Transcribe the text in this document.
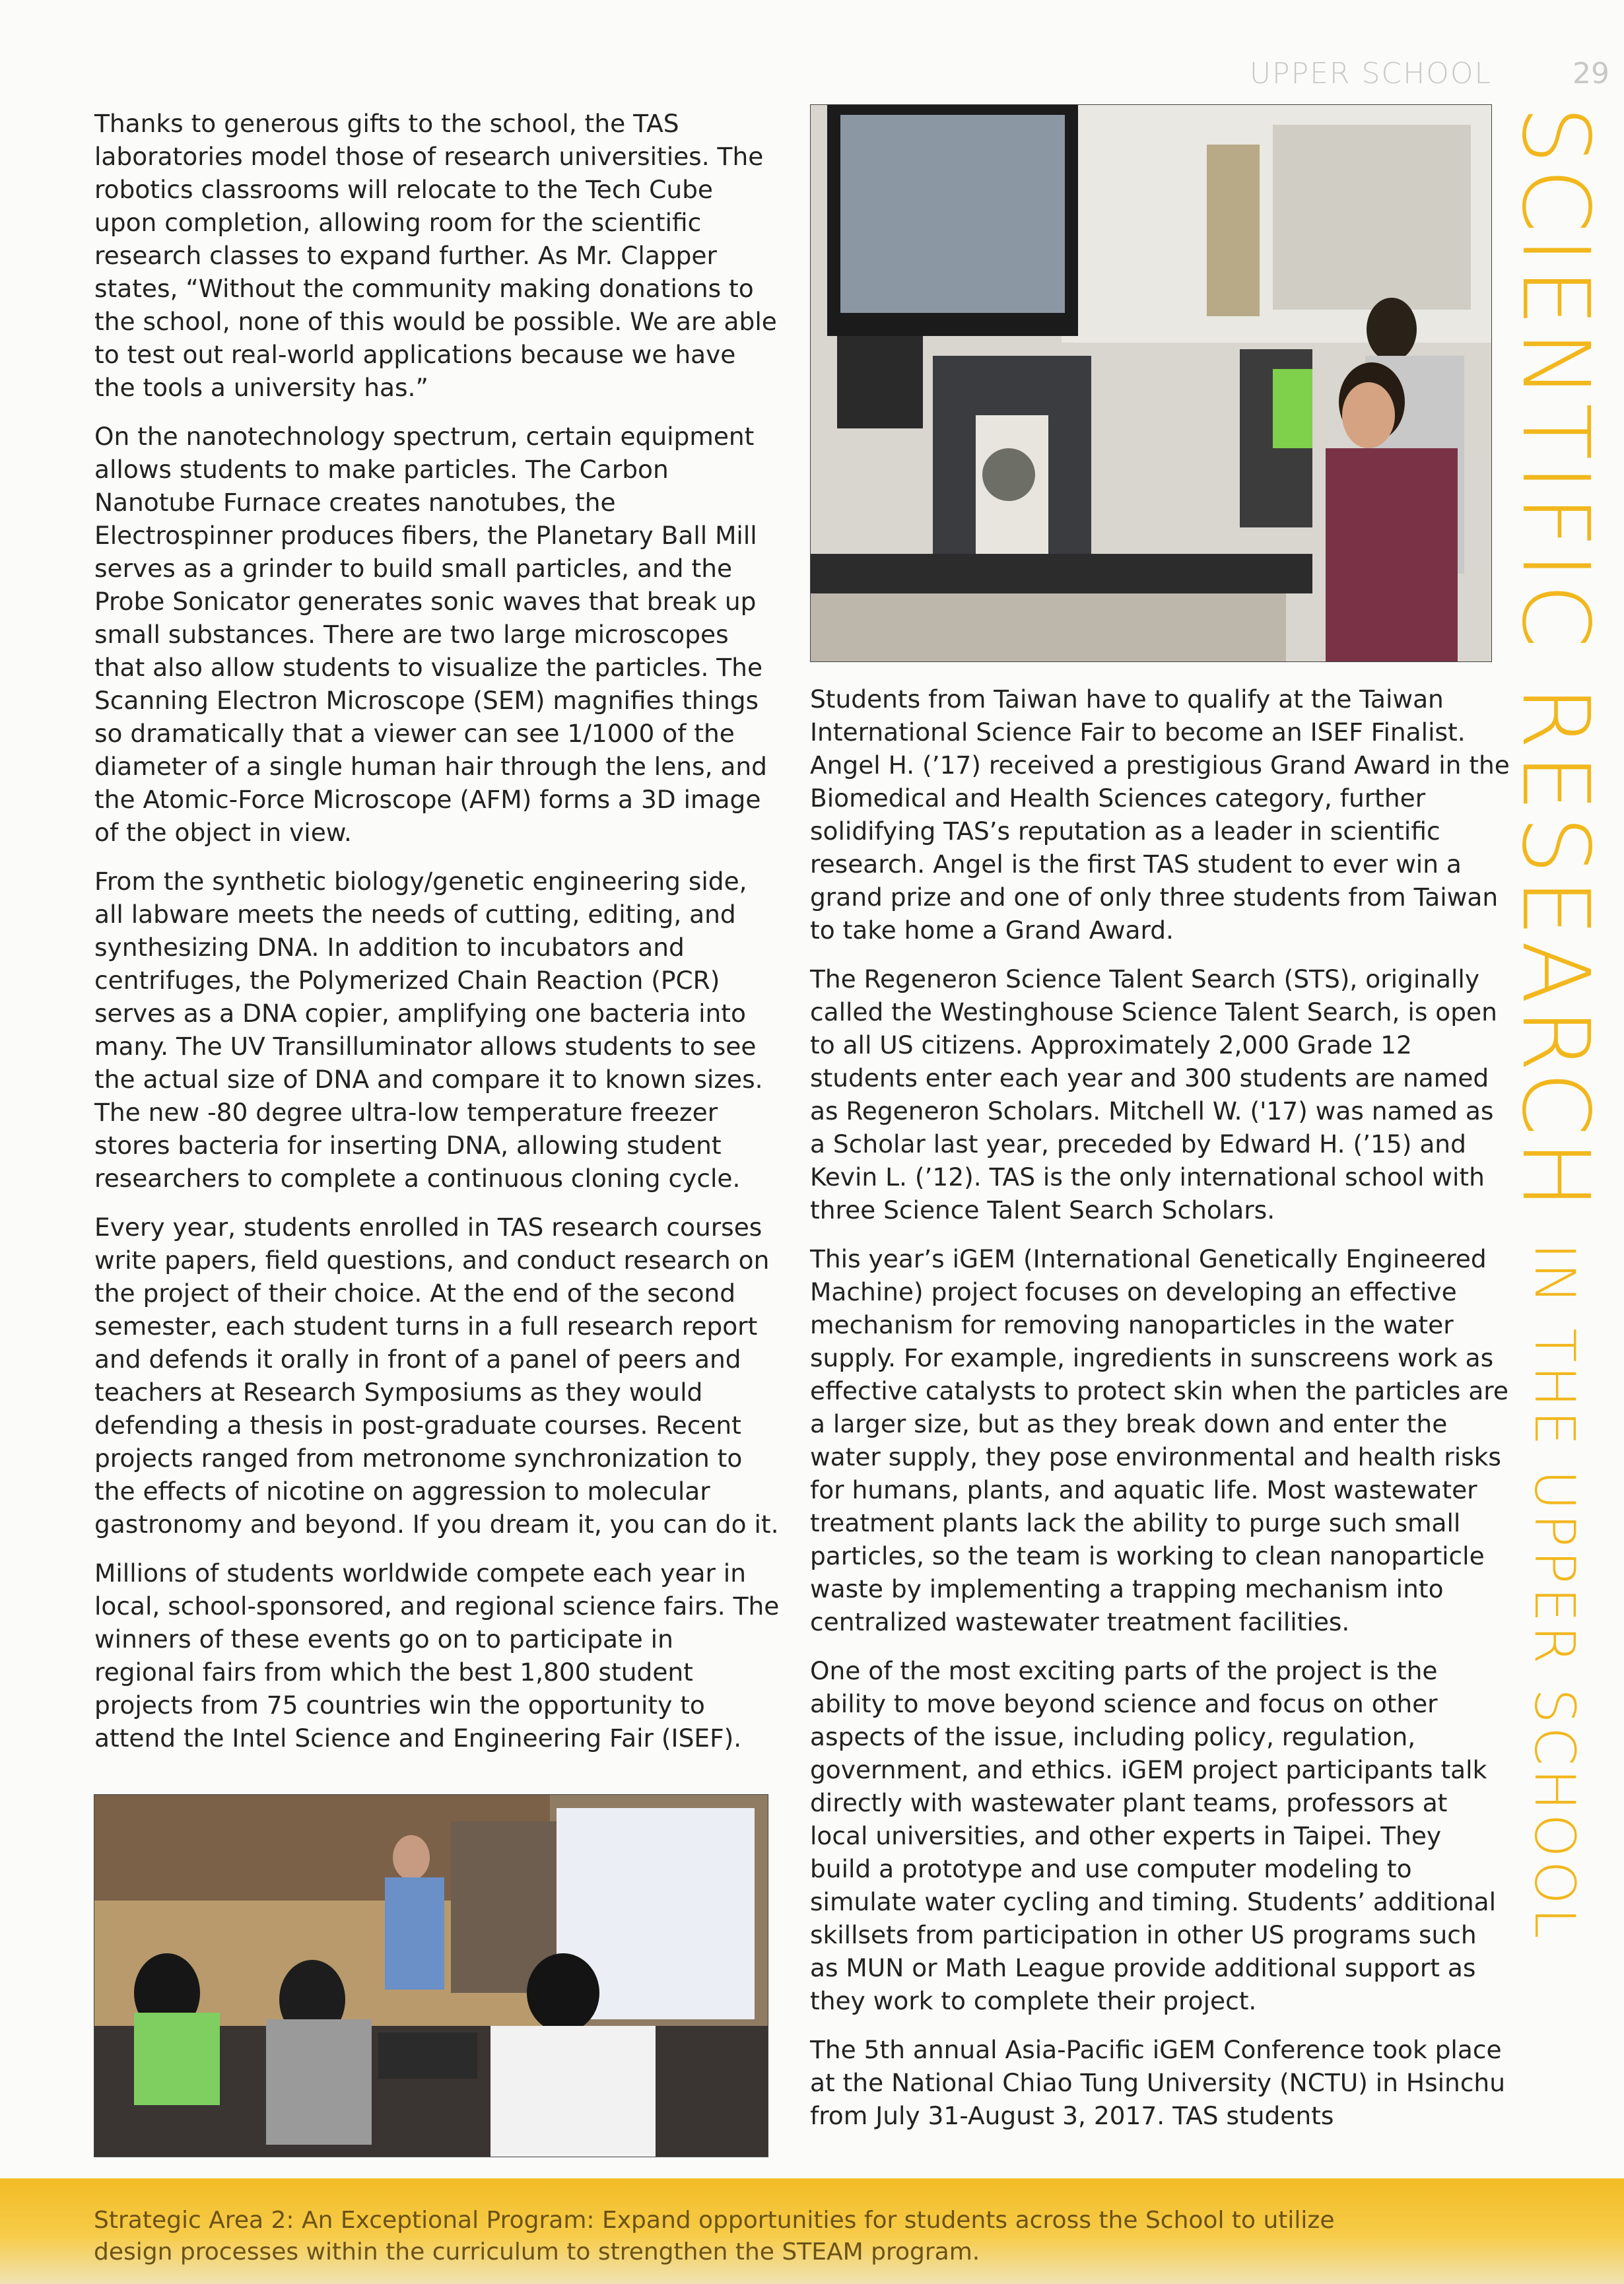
UPPER SCHOOL	29

Thanks to generous gifts to the school, the TAS laboratories model those of research universities. The robotics classrooms will relocate to the Tech Cube upon completion, allowing room for the scientific research classes to expand further. As Mr. Clapper states, “Without the community making donations to the school, none of this would be possible. We are able to test out real-world applications because we have the tools a university has.”

On the nanotechnology spectrum, certain equipment allows students to make particles. The Carbon Nanotube Furnace creates nanotubes, the Electrospinner produces fibers, the Planetary Ball Mill serves as a grinder to build small particles, and the Probe Sonicator generates sonic waves that break up small substances. There are two large microscopes that also allow students to visualize the particles. The Scanning Electron Microscope (SEM) magnifies things so dramatically that a viewer can see 1/1000 of the diameter of a single human hair through the lens, and the Atomic-Force Microscope (AFM) forms a 3D image of the object in view.

From the synthetic biology/genetic engineering side, all labware meets the needs of cutting, editing, and synthesizing DNA. In addition to incubators and centrifuges, the Polymerized Chain Reaction (PCR) serves as a DNA copier, amplifying one bacteria into many. The UV Transilluminator allows students to see the actual size of DNA and compare it to known sizes. The new -80 degree ultra-low temperature freezer stores bacteria for inserting DNA, allowing student researchers to complete a continuous cloning cycle.

Every year, students enrolled in TAS research courses write papers, field questions, and conduct research on the project of their choice. At the end of the second semester, each student turns in a full research report and defends it orally in front of a panel of peers and teachers at Research Symposiums as they would defending a thesis in post-graduate courses. Recent projects ranged from metronome synchronization to the effects of nicotine on aggression to molecular gastronomy and beyond. If you dream it, you can do it.

Millions of students worldwide compete each year in local, school-sponsored, and regional science fairs. The winners of these events go on to participate in regional fairs from which the best 1,800 student projects from 75 countries win the opportunity to attend the Intel Science and Engineering Fair (ISEF).

Students from Taiwan have to qualify at the Taiwan International Science Fair to become an ISEF Finalist. Angel H. (’17) received a prestigious Grand Award in the Biomedical and Health Sciences category, further solidifying TAS’s reputation as a leader in scientific research. Angel is the first TAS student to ever win a grand prize and one of only three students from Taiwan to take home a Grand Award.

The Regeneron Science Talent Search (STS), originally called the Westinghouse Science Talent Search, is open to all US citizens. Approximately 2,000 Grade 12 students enter each year and 300 students are named as Regeneron Scholars. Mitchell W. ('17) was named as a Scholar last year, preceded by Edward H. (’15) and Kevin L. (’12). TAS is the only international school with three Science Talent Search Scholars.

This year’s iGEM (International Genetically Engineered Machine) project focuses on developing an effective mechanism for removing nanoparticles in the water supply. For example, ingredients in sunscreens work as effective catalysts to protect skin when the particles are a larger size, but as they break down and enter the water supply, they pose environmental and health risks for humans, plants, and aquatic life. Most wastewater treatment plants lack the ability to purge such small particles, so the team is working to clean nanoparticle waste by implementing a trapping mechanism into centralized wastewater treatment facilities.

One of the most exciting parts of the project is the ability to move beyond science and focus on other aspects of the issue, including policy, regulation, government, and ethics. iGEM project participants talk directly with wastewater plant teams, professors at local universities, and other experts in Taipei. They build a prototype and use computer modeling to simulate water cycling and timing. Students’ additional skillsets from participation in other US programs such as MUN or Math League provide additional support as they work to complete their project.

The 5th annual Asia-Pacific iGEM Conference took place at the National Chiao Tung University (NCTU) in Hsinchu from July 31-August 3, 2017. TAS students

SCIENTIFIC RESEARCH IN THE UPPER SCHOOL
Strategic Area 2: An Exceptional Program: Expand opportunities for students across the School to utilize design processes within the curriculum to strengthen the STEAM program.
